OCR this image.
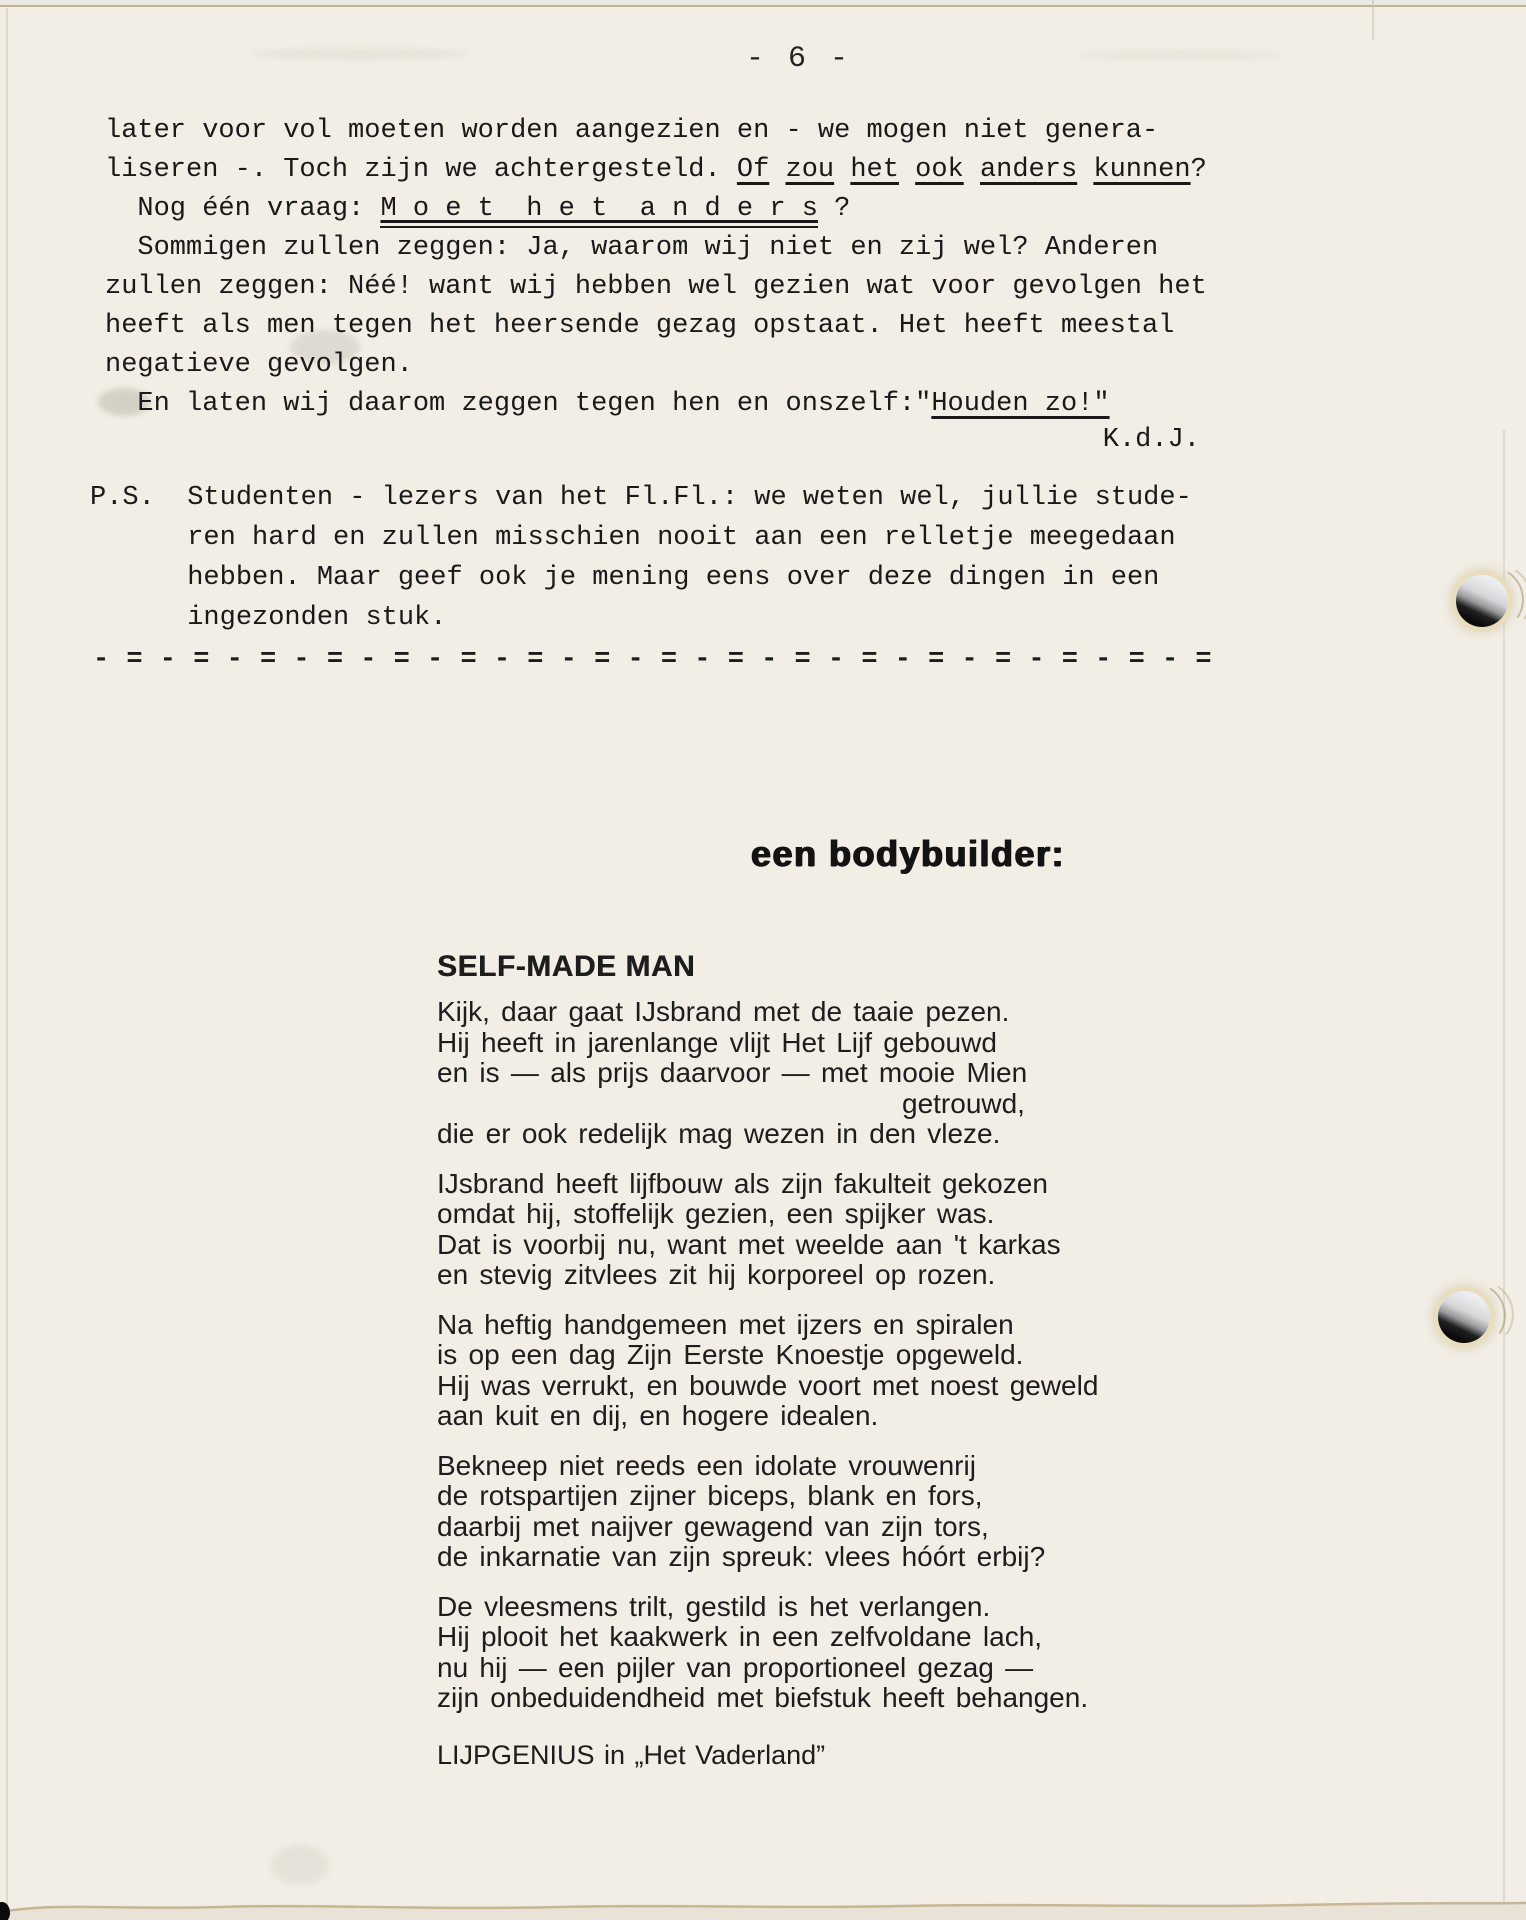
- 6 -
later voor vol moeten worden aangezien en - we mogen niet genera-
liseren -. Toch zijn we achtergesteld. Of zou het ook anders kunnen?
Nog één vraag: M o e t  h e t  a n d e r s ?
Sommigen zullen zeggen: Ja, waarom wij niet en zij wel? Anderen
zullen zeggen: Néé! want wij hebben wel gezien wat voor gevolgen het
heeft als men tegen het heersende gezag opstaat. Het heeft meestal
negatieve gevolgen.
En laten wij daarom zeggen tegen hen en onszelf:"Houden zo!"
K.d.J.
P.S.  Studenten - lezers van het Fl.Fl.: we weten wel, jullie stude-
ren hard en zullen misschien nooit aan een relletje meegedaan
hebben. Maar geef ook je mening eens over deze dingen in een
ingezonden stuk.
- = - = - = - = - = - = - = - = - = - = - = - = - = - = - = - = - =
een bodybuilder:
SELF-MADE MAN
Kijk, daar gaat IJsbrand met de taaie pezen.
Hij heeft in jarenlange vlijt Het Lijf gebouwd
en is — als prijs daarvoor — met mooie Mien
getrouwd,
die er ook redelijk mag wezen in den vleze.
IJsbrand heeft lijfbouw als zijn fakulteit gekozen
omdat hij, stoffelijk gezien, een spijker was.
Dat is voorbij nu, want met weelde aan 't karkas
en stevig zitvlees zit hij korporeel op rozen.
Na heftig handgemeen met ijzers en spiralen
is op een dag Zijn Eerste Knoestje opgeweld.
Hij was verrukt, en bouwde voort met noest geweld
aan kuit en dij, en hogere idealen.
Bekneep niet reeds een idolate vrouwenrij
de rotspartijen zijner biceps, blank en fors,
daarbij met naijver gewagend van zijn tors,
de inkarnatie van zijn spreuk: vlees hóórt erbij?
De vleesmens trilt, gestild is het verlangen.
Hij plooit het kaakwerk in een zelfvoldane lach,
nu hij — een pijler van proportioneel gezag —
zijn onbeduidendheid met biefstuk heeft behangen.
LIJPGENIUS in „Het Vaderland”
